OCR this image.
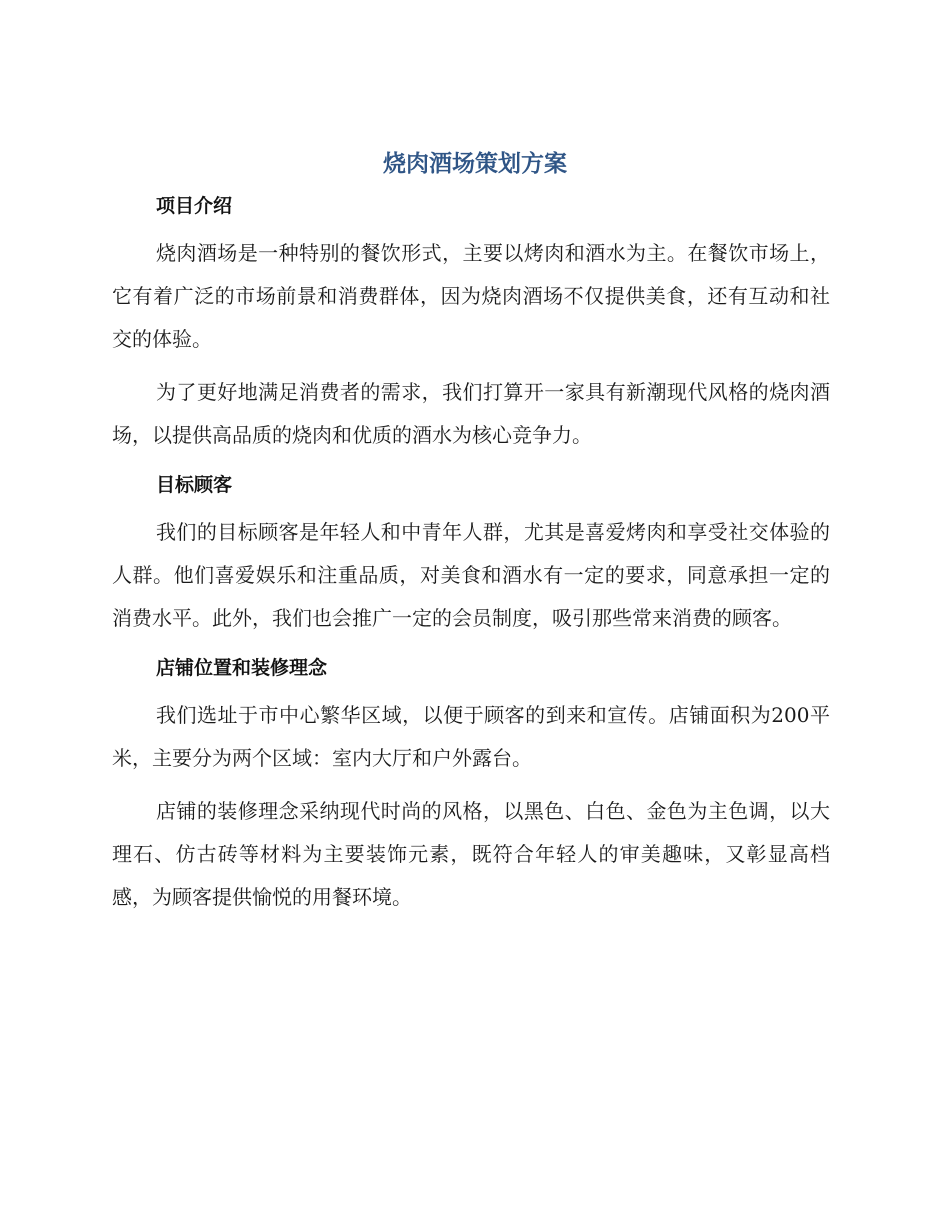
烧肉酒场策划方案
项目介绍

烧肉酒场是一种特别的餐饮形式，主要以烤肉和酒水为主。在餐饮市场上，它有着广泛的市场前景和消费群体，因为烧肉酒场不仅提供美食，还有互动和社交的体验。

为了更好地满足消费者的需求，我们打算开一家具有新潮现代风格的烧肉酒场，以提供高品质的烧肉和优质的酒水为核心竞争力。

目标顾客

我们的目标顾客是年轻人和中青年人群，尤其是喜爱烤肉和享受社交体验的人群。他们喜爱娱乐和注重品质，对美食和酒水有一定的要求，同意承担一定的消费水平。此外，我们也会推广一定的会员制度，吸引那些常来消费的顾客。

店铺位置和装修理念

我们选址于市中心繁华区域，以便于顾客的到来和宣传。店铺面积为200平米，主要分为两个区域：室内大厅和户外露台。

店铺的装修理念采纳现代时尚的风格，以黑色、白色、金色为主色调，以大理石、仿古砖等材料为主要装饰元素，既符合年轻人的审美趣味，又彰显高档感，为顾客提供愉悦的用餐环境。
